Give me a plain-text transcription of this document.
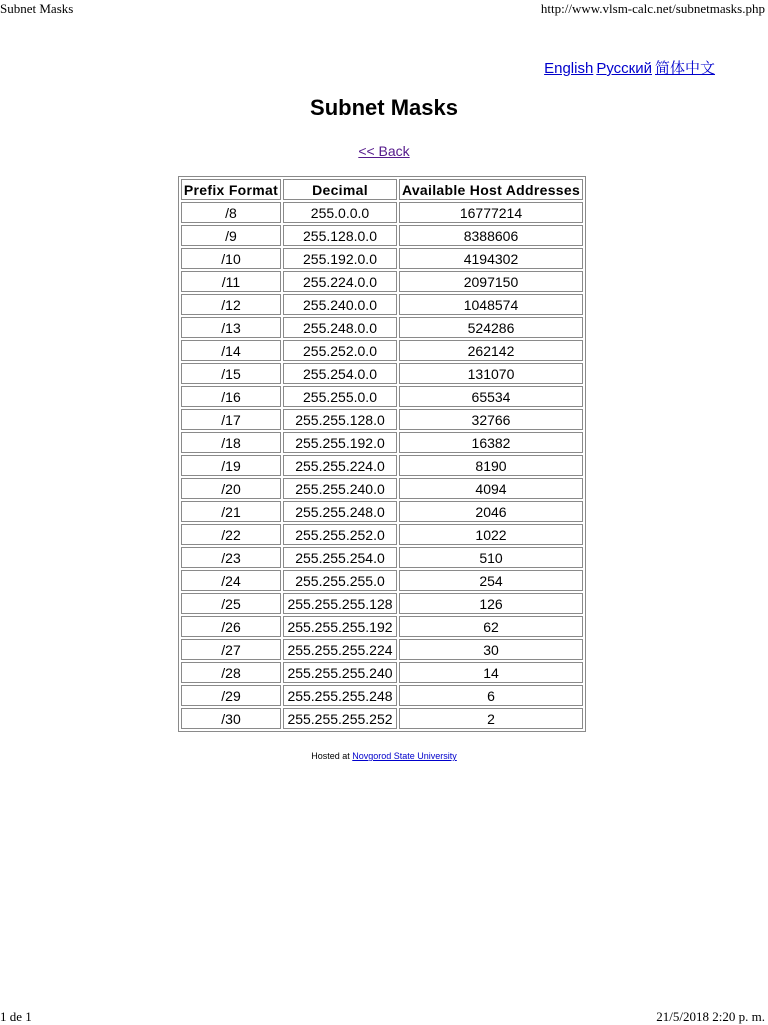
Subnet Masks	http://www.vlsm-calc.net/subnetmasks.php
English Русский 简体中文
Subnet Masks
<< Back
Prefix Format	Decimal	Available Host Addresses
/8	255.0.0.0	16777214
/9	255.128.0.0	8388606
/10	255.192.0.0	4194302
/11	255.224.0.0	2097150
/12	255.240.0.0	1048574
/13	255.248.0.0	524286
/14	255.252.0.0	262142
/15	255.254.0.0	131070
/16	255.255.0.0	65534
/17	255.255.128.0	32766
/18	255.255.192.0	16382
/19	255.255.224.0	8190
/20	255.255.240.0	4094
/21	255.255.248.0	2046
/22	255.255.252.0	1022
/23	255.255.254.0	510
/24	255.255.255.0	254
/25	255.255.255.128	126
/26	255.255.255.192	62
/27	255.255.255.224	30
/28	255.255.255.240	14
/29	255.255.255.248	6
/30	255.255.255.252	2
Hosted at Novgorod State University
1 de 1	21/5/2018 2:20 p. m.
